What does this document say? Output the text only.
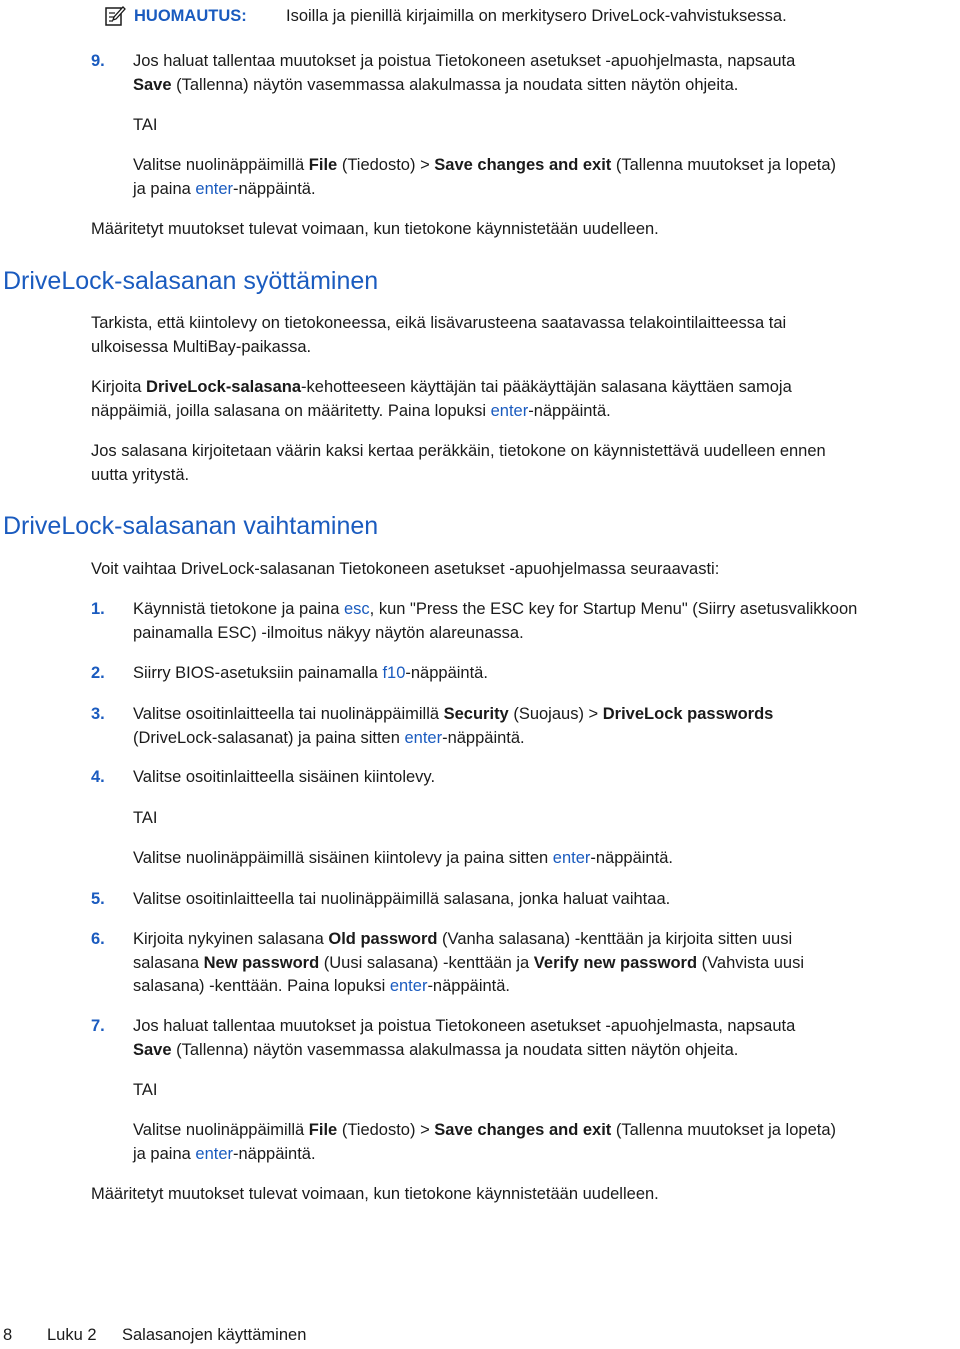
HUOMAUTUS: Isoilla ja pienillä kirjaimilla on merkitysero DriveLock-vahvistuksessa.
9. Jos haluat tallentaa muutokset ja poistua Tietokoneen asetukset -apuohjelmasta, napsauta
Save (Tallenna) näytön vasemmassa alakulmassa ja noudata sitten näytön ohjeita.
TAI
Valitse nuolinäppäimillä File (Tiedosto) > Save changes and exit (Tallenna muutokset ja lopeta)
ja paina enter-näppäintä.
Määritetyt muutokset tulevat voimaan, kun tietokone käynnistetään uudelleen.
DriveLock-salasanan syöttäminen
Tarkista, että kiintolevy on tietokoneessa, eikä lisävarusteena saatavassa telakointilaitteessa tai
ulkoisessa MultiBay-paikassa.
Kirjoita DriveLock-salasana-kehotteeseen käyttäjän tai pääkäyttäjän salasana käyttäen samoja
näppäimiä, joilla salasana on määritetty. Paina lopuksi enter-näppäintä.
Jos salasana kirjoitetaan väärin kaksi kertaa peräkkäin, tietokone on käynnistettävä uudelleen ennen
uutta yritystä.
DriveLock-salasanan vaihtaminen
Voit vaihtaa DriveLock-salasanan Tietokoneen asetukset -apuohjelmassa seuraavasti:
1. Käynnistä tietokone ja paina esc, kun "Press the ESC key for Startup Menu" (Siirry asetusvalikkoon
painamalla ESC) -ilmoitus näkyy näytön alareunassa.
2. Siirry BIOS-asetuksiin painamalla f10-näppäintä.
3. Valitse osoitinlaitteella tai nuolinäppäimillä Security (Suojaus) > DriveLock passwords
(DriveLock-salasanat) ja paina sitten enter-näppäintä.
4. Valitse osoitinlaitteella sisäinen kiintolevy.
TAI
Valitse nuolinäppäimillä sisäinen kiintolevy ja paina sitten enter-näppäintä.
5. Valitse osoitinlaitteella tai nuolinäppäimillä salasana, jonka haluat vaihtaa.
6. Kirjoita nykyinen salasana Old password (Vanha salasana) -kenttään ja kirjoita sitten uusi
salasana New password (Uusi salasana) -kenttään ja Verify new password (Vahvista uusi
salasana) -kenttään. Paina lopuksi enter-näppäintä.
7. Jos haluat tallentaa muutokset ja poistua Tietokoneen asetukset -apuohjelmasta, napsauta
Save (Tallenna) näytön vasemmassa alakulmassa ja noudata sitten näytön ohjeita.
TAI
Valitse nuolinäppäimillä File (Tiedosto) > Save changes and exit (Tallenna muutokset ja lopeta)
ja paina enter-näppäintä.
Määritetyt muutokset tulevat voimaan, kun tietokone käynnistetään uudelleen.
8 Luku 2 Salasanojen käyttäminen
